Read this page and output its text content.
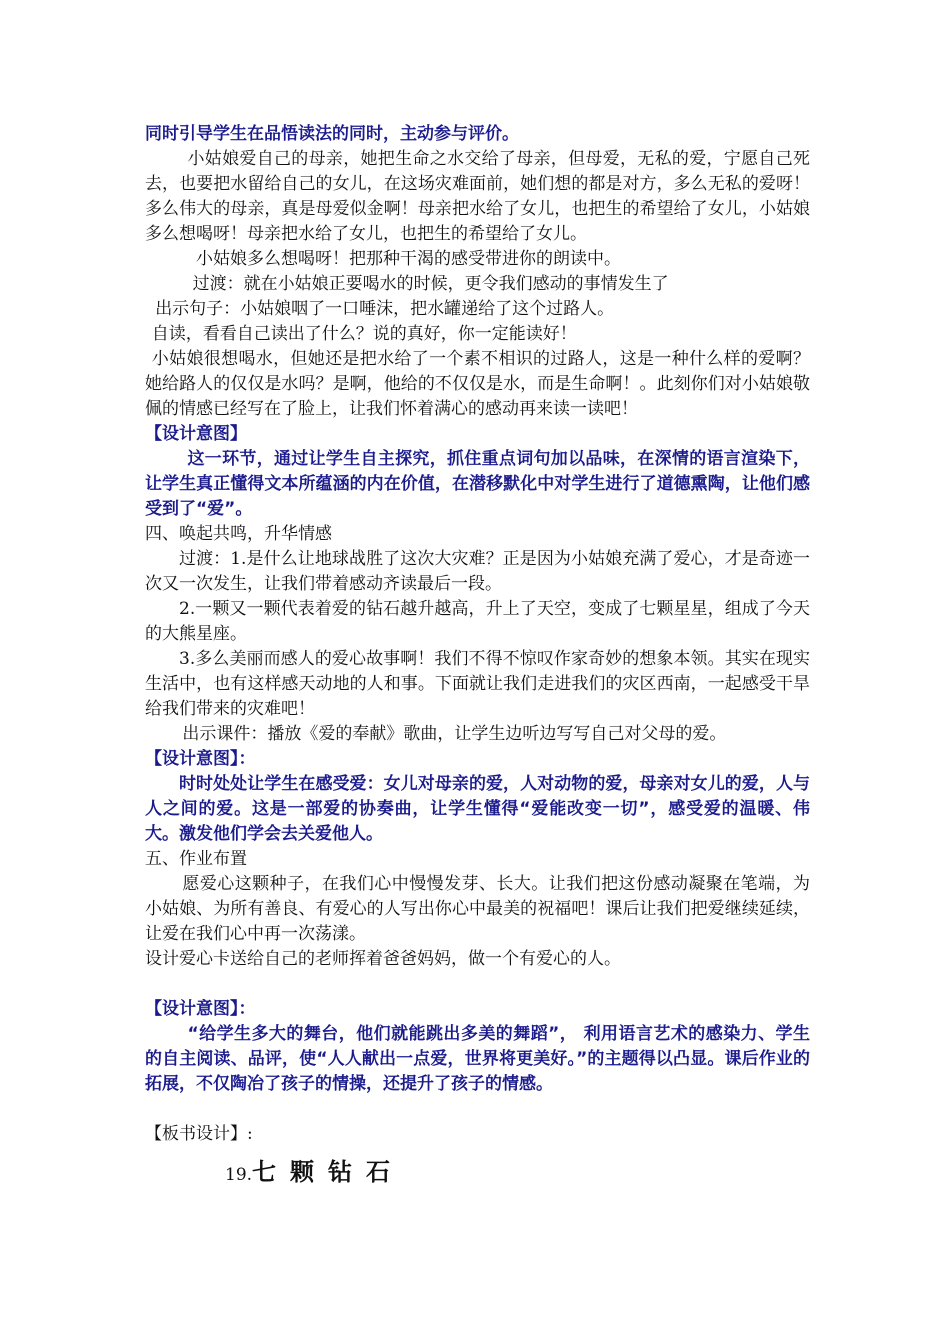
同时引导学生在品悟读法的同时，主动参与评价。

小姑娘爱自己的母亲，她把生命之水交给了母亲，但母爱，无私的爱，宁愿自己死去，也要把水留给自己的女儿，在这场灾难面前，她们想的都是对方，多么无私的爱呀！多么伟大的母亲，真是母爱似金啊！母亲把水给了女儿，也把生的希望给了女儿，小姑娘多么想喝呀！母亲把水给了女儿，也把生的希望给了女儿。

小姑娘多么想喝呀！把那种干渴的感受带进你的朗读中。

过渡：就在小姑娘正要喝水的时候，更令我们感动的事情发生了

出示句子：小姑娘咽了一口唾沫，把水罐递给了这个过路人。

自读，看看自己读出了什么？说的真好，你一定能读好！

小姑娘很想喝水，但她还是把水给了一个素不相识的过路人，这是一种什么样的爱啊？她给路人的仅仅是水吗？是啊，他给的不仅仅是水，而是生命啊！。此刻你们对小姑娘敬佩的情感已经写在了脸上，让我们怀着满心的感动再来读一读吧！

【设计意图】

这一环节，通过让学生自主探究，抓住重点词句加以品味，在深情的语言渲染下，让学生真正懂得文本所蕴涵的内在价值，在潜移默化中对学生进行了道德熏陶，让他们感受到了“爱”。

四、唤起共鸣，升华情感

过渡：1.是什么让地球战胜了这次大灾难？正是因为小姑娘充满了爱心，才是奇迹一次又一次发生，让我们带着感动齐读最后一段。

2.一颗又一颗代表着爱的钻石越升越高，升上了天空，变成了七颗星星，组成了今天的大熊星座。

3.多么美丽而感人的爱心故事啊！我们不得不惊叹作家奇妙的想象本领。其实在现实生活中，也有这样感天动地的人和事。下面就让我们走进我们的灾区西南，一起感受干旱给我们带来的灾难吧！

出示课件：播放《爱的奉献》歌曲，让学生边听边写写自己对父母的爱。

【设计意图】：

时时处处让学生在感受爱：女儿对母亲的爱，人对动物的爱，母亲对女儿的爱，人与人之间的爱。这是一部爱的协奏曲，让学生懂得“爱能改变一切”，感受爱的温暖、伟大。激发他们学会去关爱他人。

五、作业布置

愿爱心这颗种子，在我们心中慢慢发芽、长大。让我们把这份感动凝聚在笔端，为小姑娘、为所有善良、有爱心的人写出你心中最美的祝福吧！课后让我们把爱继续延续，让爱在我们心中再一次荡漾。

设计爱心卡送给自己的老师挥着爸爸妈妈，做一个有爱心的人。

【设计意图】：

“给学生多大的舞台，他们就能跳出多美的舞蹈”， 利用语言艺术的感染力、学生的自主阅读、品评，使“人人献出一点爱，世界将更美好。”的主题得以凸显。课后作业的拓展，不仅陶冶了孩子的情操，还提升了孩子的情感。

【板书设计】:

19.七颗钻石
